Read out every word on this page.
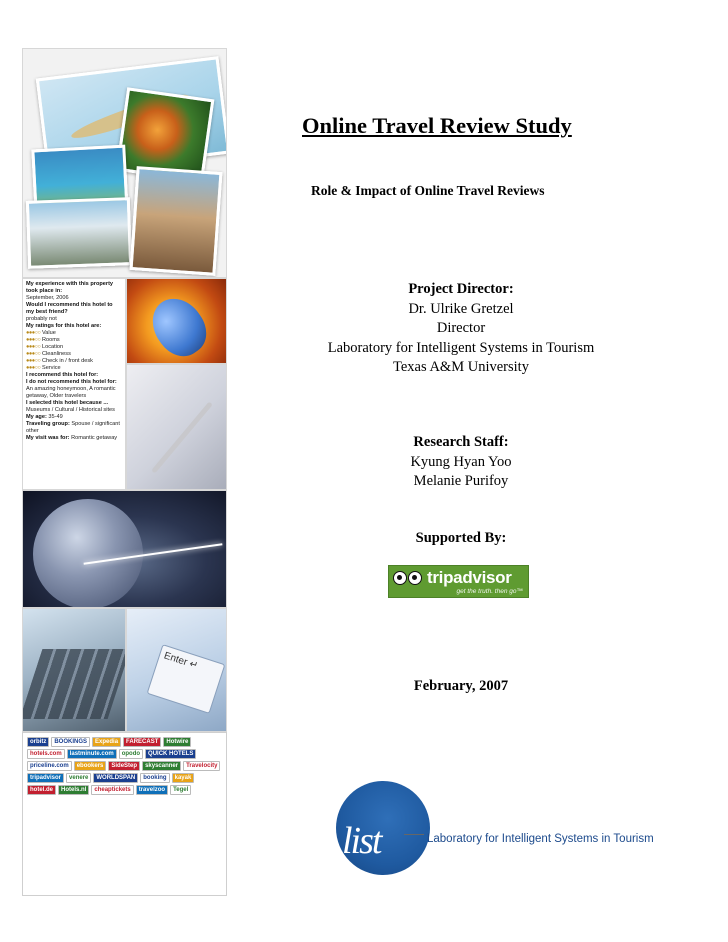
My experience with this property took place in:
September, 2006
Would I recommend this hotel to my best friend?
probably not
My ratings for this hotel are:
●●●○○ Value
●●●○○ Rooms
●●●○○ Location
●●●○○ Cleanliness
●●●○○ Check in / front desk
●●●○○ Service
I recommend this hotel for:
I do not recommend this hotel for:
An amazing honeymoon, A romantic getaway, Older travelers
I selected this hotel because ...
Museums / Cultural / Historical sites
My age: 35-49
Traveling group: Spouse / significant other
My visit was for: Romantic getaway
Enter ↵
orbitz BOOKINGS Expedia FARECAST Hotwirehotels.com lastminute.com opodo QUICK HOTELSpriceline.com ebookers SideStep skyscanner Travelocitytripadvisor venere WORLDSPAN booking kayakhotel.de Hotels.nl cheaptickets travelzoo Tegel
Online Travel Review Study
Role & Impact of Online Travel Reviews
Project Director:
Dr. Ulrike Gretzel
Director
Laboratory for Intelligent Systems in Tourism
Texas A&M University
Research Staff:
Kyung Hyan Yoo
Melanie Purifoy
Supported By:
tripadvisor
get the truth. then go™
February, 2007
list	Laboratory for Intelligent Systems in Tourism
